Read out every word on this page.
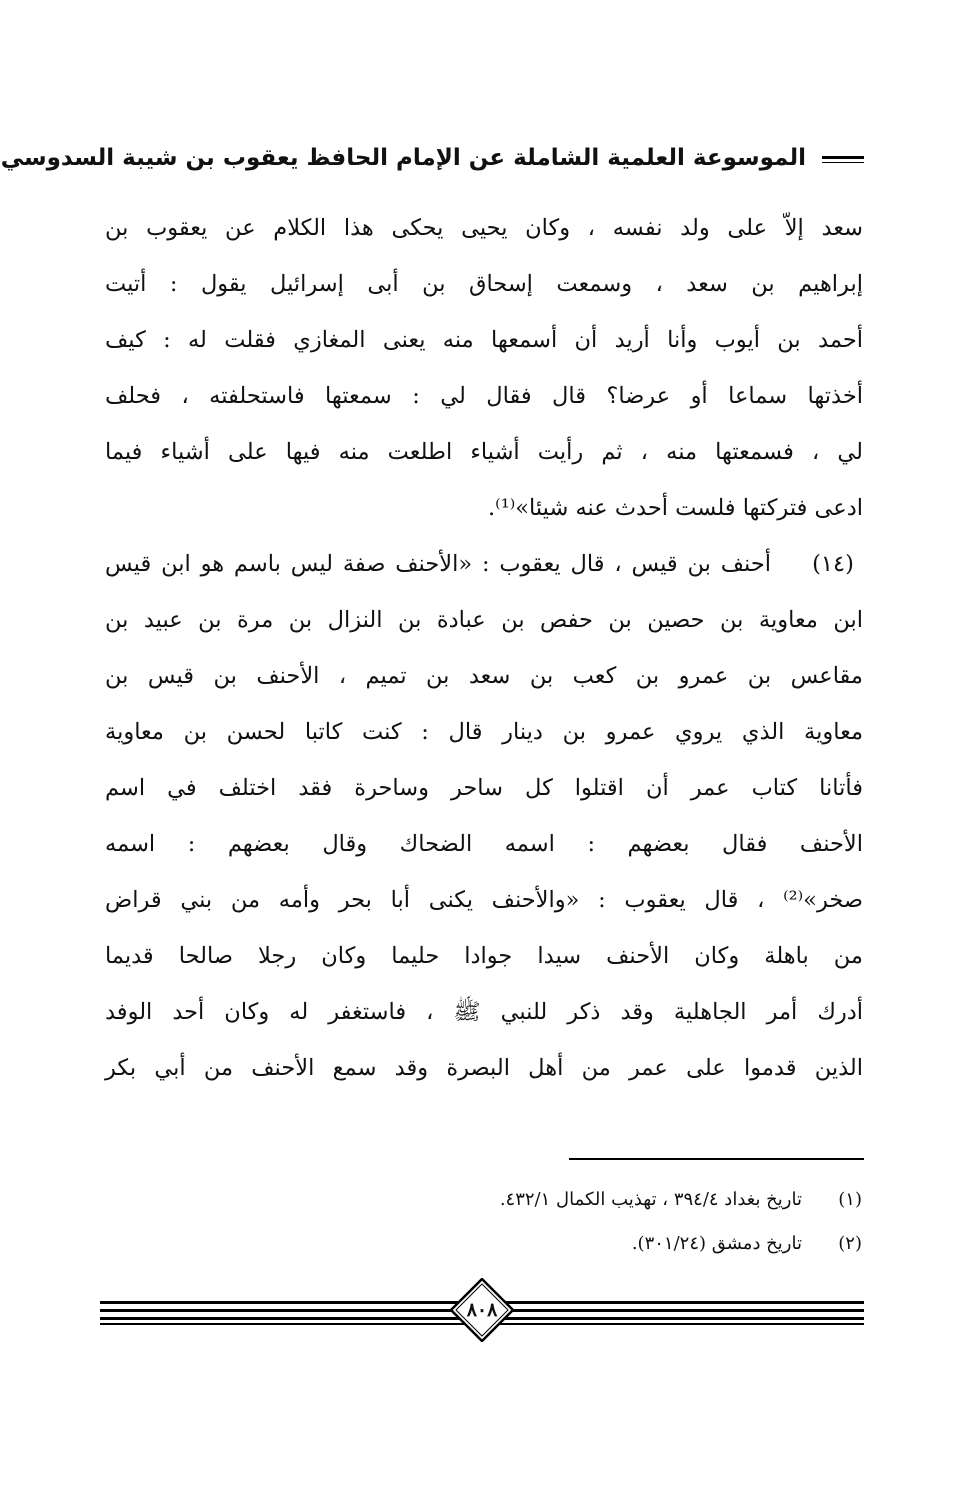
الموسوعة العلمية الشاملة عن الإمام الحافظ يعقوب بن شيبة السدوسي
سعد إلاّ على ولد نفسه ، وكان يحيى يحكى هذا الكلام عن يعقوب بن
إبراهيم بن سعد ، وسمعت إسحاق بن أبى إسرائيل يقول : أتيت
أحمد بن أيوب وأنا أريد أن أسمعها منه يعنى المغازي فقلت له : كيف
أخذتها سماعا أو عرضا؟ قال فقال لي : سمعتها فاستحلفته ، فحلف
لي ، فسمعتها منه ، ثم رأيت أشياء اطلعت منه فيها على أشياء فيما
ادعى فتركتها فلست أحدث عنه شيئا»⁽¹⁾.
(١٤)
أحنف بن قيس ، قال يعقوب : «الأحنف صفة ليس باسم هو ابن قيس
ابن معاوية بن حصين بن حفص بن عبادة بن النزال بن مرة بن عبيد بن
مقاعس بن عمرو بن كعب بن سعد بن تميم ، الأحنف بن قيس بن
معاوية الذي يروي عمرو بن دينار قال : كنت كاتبا لحسن بن معاوية
فأتانا كتاب عمر أن اقتلوا كل ساحر وساحرة فقد اختلف في اسم
الأحنف فقال بعضهم : اسمه الضحاك وقال بعضهم : اسمه
صخر»⁽²⁾ ، قال يعقوب : «والأحنف يكنى أبا بحر وأمه من بني قراض
من باهلة وكان الأحنف سيدا جوادا حليما وكان رجلا صالحا قديما
أدرك أمر الجاهلية وقد ذكر للنبي ﷺ ، فاستغفر له وكان أحد الوفد
الذين قدموا على عمر من أهل البصرة وقد سمع الأحنف من أبي بكر
(١)تاريخ بغداد ٣٩٤/٤ ، تهذيب الكمال ٤٣٢/١.
(٢)تاريخ دمشق (٣٠١/٢٤).
٨٠٨
